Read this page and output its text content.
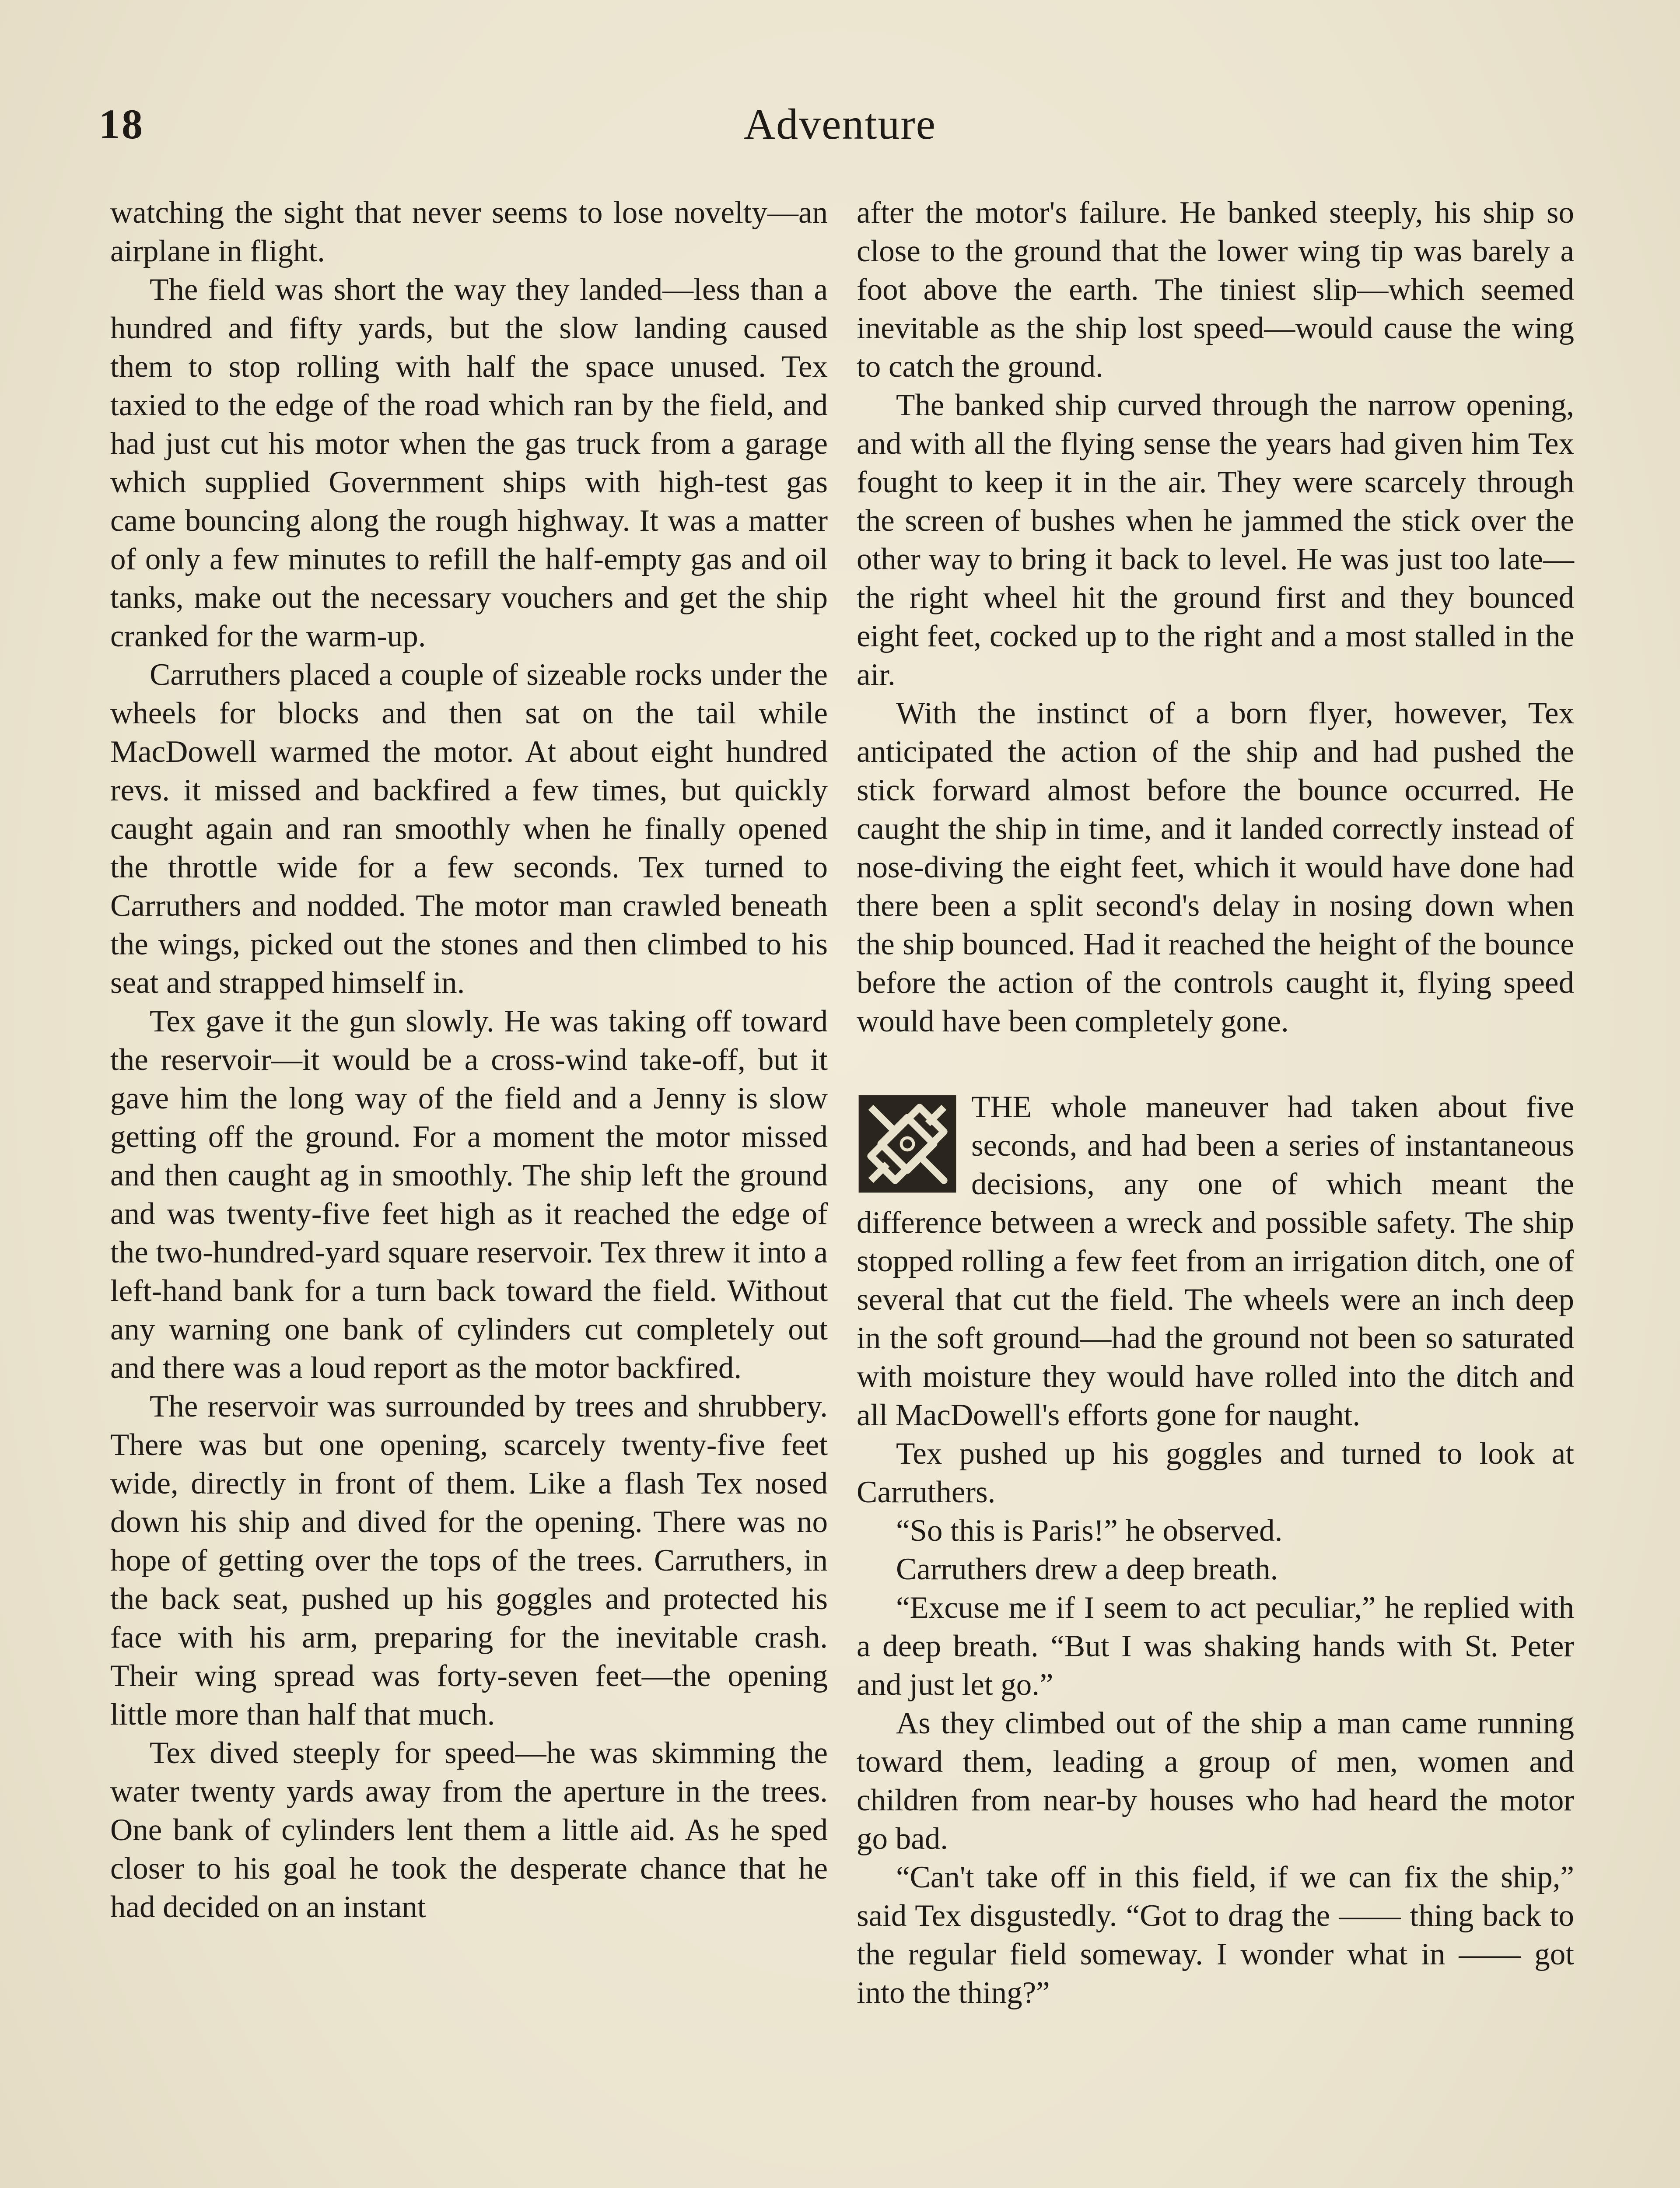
18	Adventure

watching the sight that never seems to lose novelty—an airplane in flight.

The field was short the way they landed—less than a hundred and fifty yards, but the slow landing caused them to stop rolling with half the space unused. Tex taxied to the edge of the road which ran by the field, and had just cut his motor when the gas truck from a garage which supplied Government ships with high-test gas came bouncing along the rough highway. It was a matter of only a few minutes to refill the half-empty gas and oil tanks, make out the necessary vouchers and get the ship cranked for the warm-up.

Carruthers placed a couple of sizeable rocks under the wheels for blocks and then sat on the tail while MacDowell warmed the motor. At about eight hundred revs. it missed and backfired a few times, but quickly caught again and ran smoothly when he finally opened the throttle wide for a few seconds. Tex turned to Carruthers and nodded. The motor man crawled beneath the wings, picked out the stones and then climbed to his seat and strapped himself in.

Tex gave it the gun slowly. He was taking off toward the reservoir—it would be a cross-wind take-off, but it gave him the long way of the field and a Jenny is slow getting off the ground. For a moment the motor missed and then caught ag in smoothly. The ship left the ground and was twenty-five feet high as it reached the edge of the two-hundred-yard square reservoir. Tex threw it into a left-hand bank for a turn back toward the field. Without any warning one bank of cylinders cut completely out and there was a loud report as the motor backfired.

The reservoir was surrounded by trees and shrubbery. There was but one opening, scarcely twenty-five feet wide, directly in front of them. Like a flash Tex nosed down his ship and dived for the opening. There was no hope of getting over the tops of the trees. Carruthers, in the back seat, pushed up his goggles and protected his face with his arm, preparing for the inevitable crash. Their wing spread was forty-seven feet—the opening little more than half that much.

Tex dived steeply for speed—he was skimming the water twenty yards away from the aperture in the trees. One bank of cylinders lent them a little aid. As he sped closer to his goal he took the desperate chance that he had decided on an instant

after the motor's failure. He banked steeply, his ship so close to the ground that the lower wing tip was barely a foot above the earth. The tiniest slip—which seemed inevitable as the ship lost speed—would cause the wing to catch the ground.

The banked ship curved through the narrow opening, and with all the flying sense the years had given him Tex fought to keep it in the air. They were scarcely through the screen of bushes when he jammed the stick over the other way to bring it back to level. He was just too late—the right wheel hit the ground first and they bounced eight feet, cocked up to the right and a most stalled in the air.

With the instinct of a born flyer, however, Tex anticipated the action of the ship and had pushed the stick forward almost before the bounce occurred. He caught the ship in time, and it landed correctly instead of nose-diving the eight feet, which it would have done had there been a split second's delay in nosing down when the ship bounced. Had it reached the height of the bounce before the action of the controls caught it, flying speed would have been completely gone.

THE whole maneuver had taken about five seconds, and had been a series of instantaneous decisions, any one of which meant the difference between a wreck and possible safety. The ship stopped rolling a few feet from an irrigation ditch, one of several that cut the field. The wheels were an inch deep in the soft ground—had the ground not been so saturated with moisture they would have rolled into the ditch and all MacDowell's efforts gone for naught.

Tex pushed up his goggles and turned to look at Carruthers.

“So this is Paris!” he observed.

Carruthers drew a deep breath.

“Excuse me if I seem to act peculiar,” he replied with a deep breath. “But I was shaking hands with St. Peter and just let go.”

As they climbed out of the ship a man came running toward them, leading a group of men, women and children from near-by houses who had heard the motor go bad.

“Can't take off in this field, if we can fix the ship,” said Tex disgustedly. “Got to drag the —— thing back to the regular field someway. I wonder what in —— got into the thing?”
